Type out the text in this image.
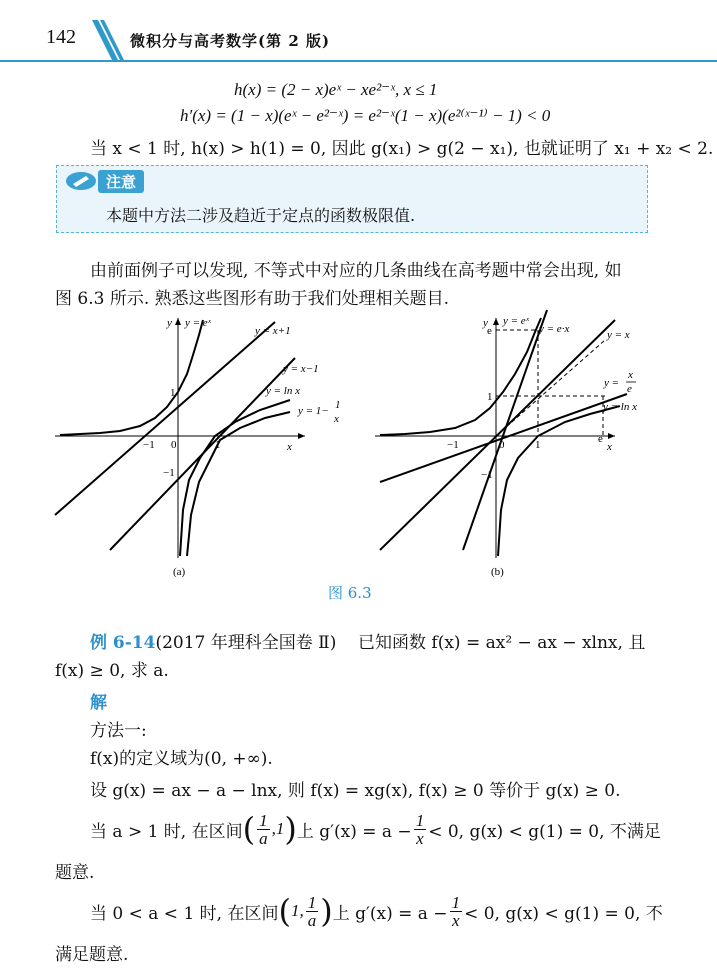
142	微积分与高考数学(第 2 版)
h(x) = (2 − x)eˣ − xe²⁻ˣ, x ≤ 1
h′(x) = (1 − x)(eˣ − e²⁻ˣ) = e²⁻ˣ(1 − x)(e²⁽ˣ⁻¹⁾ − 1) < 0
当 x < 1 时, h(x) > h(1) = 0, 因此 g(x₁) > g(2 − x₁), 也就证明了 x₁ + x₂ < 2.
注意
本题中方法二涉及趋近于定点的函数极限值.
由前面例子可以发现, 不等式中对应的几条曲线在高考题中常会出现, 如
图 6.3 所示. 熟悉这些图形有助于我们处理相关题目.
y
x
0
−1	1
1
−1
y = eˣ
y = x+1
y = x−1
y = ln x
y = 1− 1
x
(a)
y
x
0
−1	1	e
1
e
−1
y = eˣ
y = e·x	y = x
y =
x
e
y = ln x
(b)
图 6.3
例 6-14(2017 年理科全国卷 Ⅱ) 已知函数 f(x) = ax² − ax − xlnx, 且
f(x) ≥ 0, 求 a.
解
方法一:
f(x)的定义域为(0, +∞).
设 g(x) = ax − a − lnx, 则 f(x) = xg(x), f(x) ≥ 0 等价于 g(x) ≥ 0.
当 a > 1 时, 在区间 ( $\frac{1}{a} ,1$ ) 上 $g'(x) = a - \frac{1}{x} < 0$, g(x) < g(1) = 0, 不满足
题意.
当 0 < a < 1 时, 在区间 ( 1, $\frac{1}{a}$ ) 上 $g'(x) = a - \frac{1}{x} < 0$, g(x) < g(1) = 0, 不
满足题意.
